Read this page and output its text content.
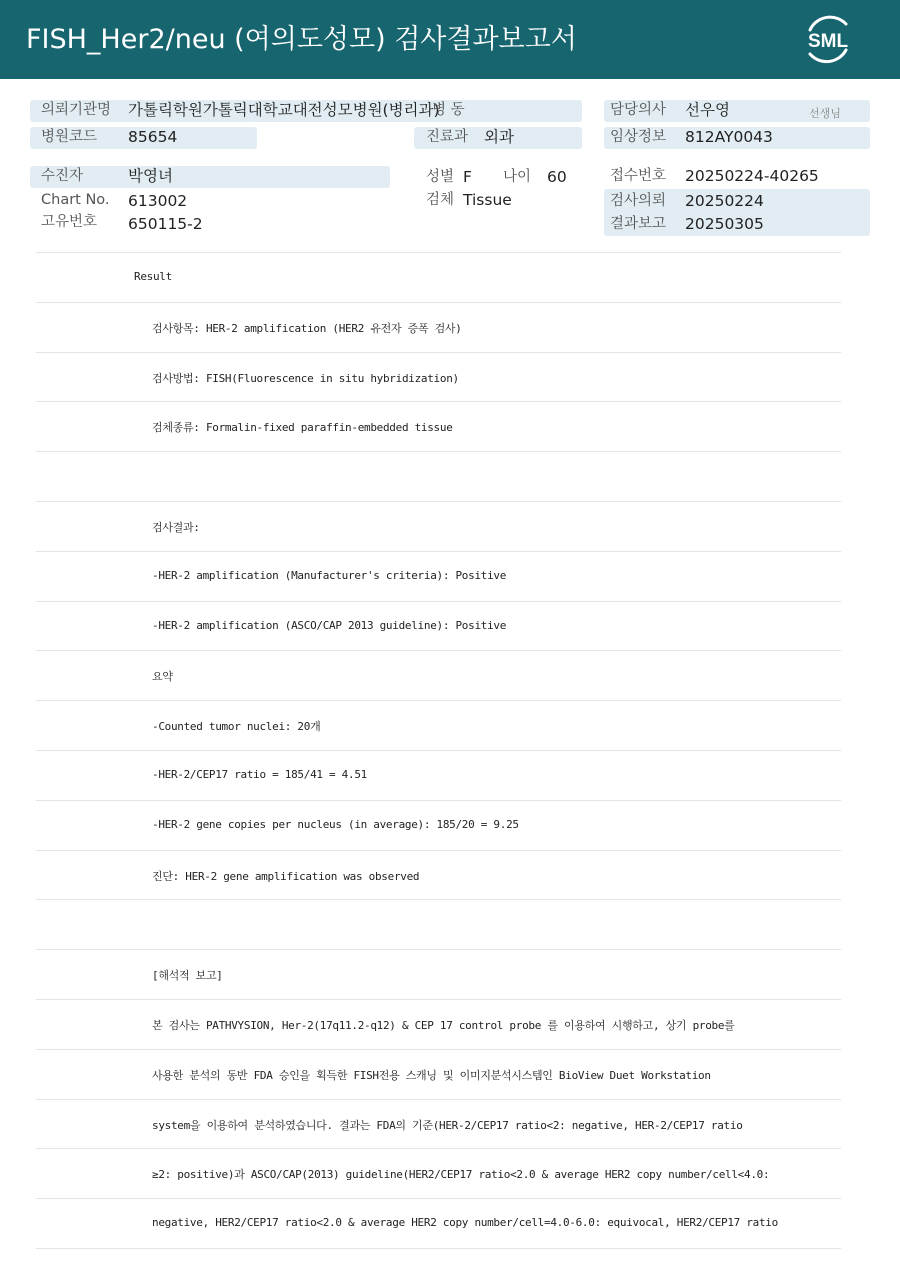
FISH_Her2/neu (여의도성모) 검사결과보고서	SML
의뢰기관명 가톨릭학원가톨릭대학교대전성모병원(병리과)
병 동	담당의사 선우영	선생님
병원코드 85654	진료과 외과	임상정보 812AY0043
수진자	박영녀	성별 F 나이 60	접수번호 20250224-40265
Chart No. 613002	검체 Tissue	검사의뢰 20250224
고유번호 650115-2	결과보고 20250305
Result
검사항목: HER-2 amplification (HER2 유전자 증폭 검사)
검사방법: FISH(Fluorescence in situ hybridization)
검체종류: Formalin-fixed paraffin-embedded tissue
검사결과:
-HER-2 amplification (Manufacturer's criteria): Positive
-HER-2 amplification (ASCO/CAP 2013 guideline): Positive
요약
-Counted tumor nuclei: 20개
-HER-2/CEP17 ratio = 185/41 = 4.51
-HER-2 gene copies per nucleus (in average): 185/20 = 9.25
진단: HER-2 gene amplification was observed
[해석적 보고]
본 검사는 PATHVYSION, Her-2(17q11.2-q12) & CEP 17 control probe 를 이용하여 시행하고, 상기 probe를
사용한 분석의 동반 FDA 승인을 획득한 FISH전용 스캐닝 및 이미지분석시스템인 BioView Duet Workstation
system을 이용하여 분석하였습니다. 결과는 FDA의 기준(HER-2/CEP17 ratio<2: negative, HER-2/CEP17 ratio
≥2: positive)과 ASCO/CAP(2013) guideline(HER2/CEP17 ratio<2.0 & average HER2 copy number/cell<4.0:
negative, HER2/CEP17 ratio<2.0 & average HER2 copy number/cell=4.0-6.0: equivocal, HER2/CEP17 ratio
